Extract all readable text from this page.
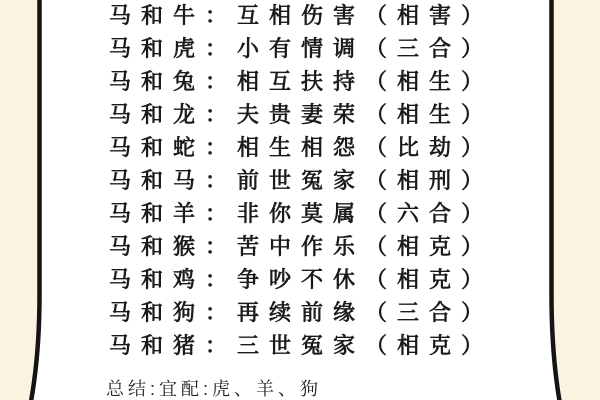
马和牛：互相伤害（相害）
马和虎：小有情调（三合）
马和兔：相互扶持（相生）
马和龙：夫贵妻荣（相生）
马和蛇：相生相怨（比劫）
马和马：前世冤家（相刑）
马和羊：非你莫属（六合）
马和猴：苦中作乐（相克）
马和鸡：争吵不休（相克）
马和狗：再续前缘（三合）
马和猪：三世冤家（相克）
总结:宜配:虎、羊、狗
